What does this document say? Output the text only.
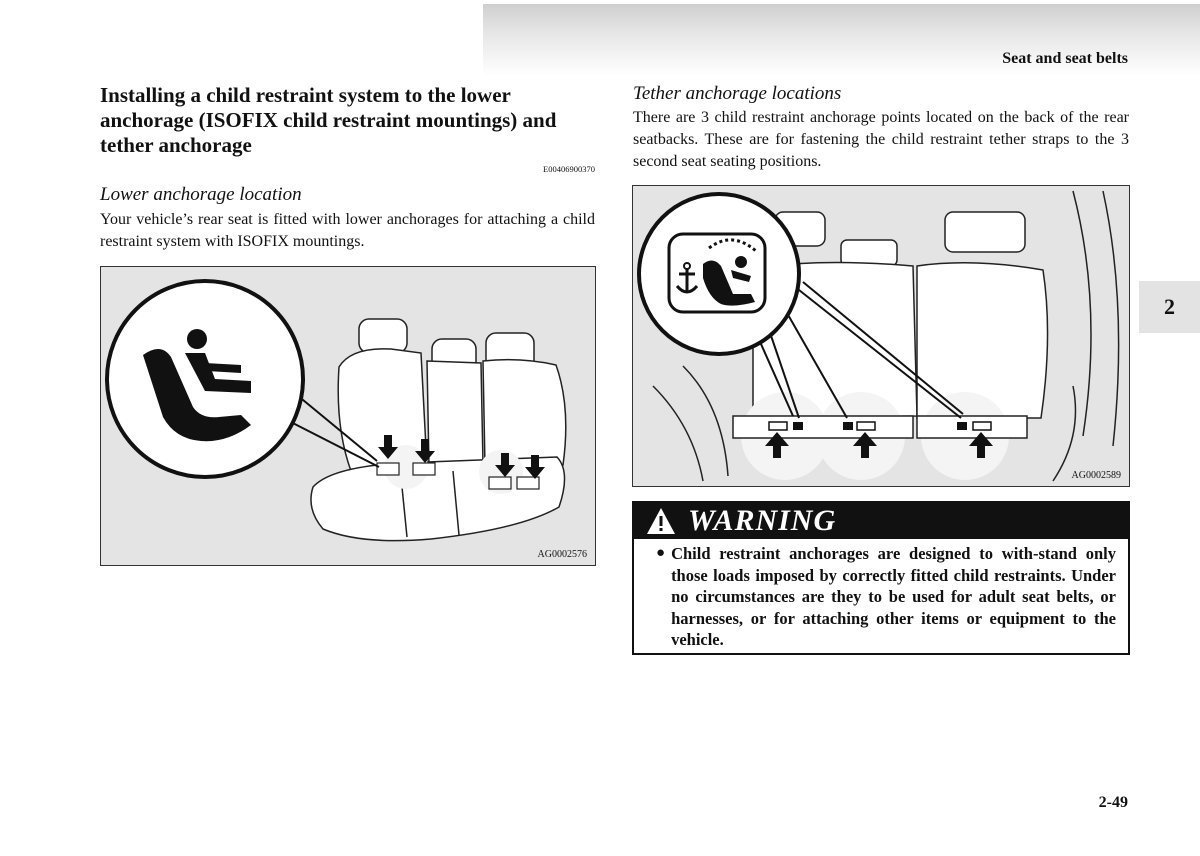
Seat and seat belts
2
Installing a child restraint system to the lower anchorage (ISOFIX child restraint mountings) and tether anchorage
E00406900370
Lower anchorage location
Your vehicle’s rear seat is fitted with lower anchorages for attaching a child restraint system with ISOFIX mountings.
AG0002576
Tether anchorage locations
There are 3 child restraint anchorage points located on the back of the rear seatbacks. These are for fastening the child restraint tether straps to the 3 second seat seating positions.
AG0002589
WARNING
● Child restraint anchorages are designed to with-stand only those loads imposed by correctly fitted child restraints. Under no circumstances are they to be used for adult seat belts, or harnesses, or for attaching other items or equipment to the vehicle.
2-49
